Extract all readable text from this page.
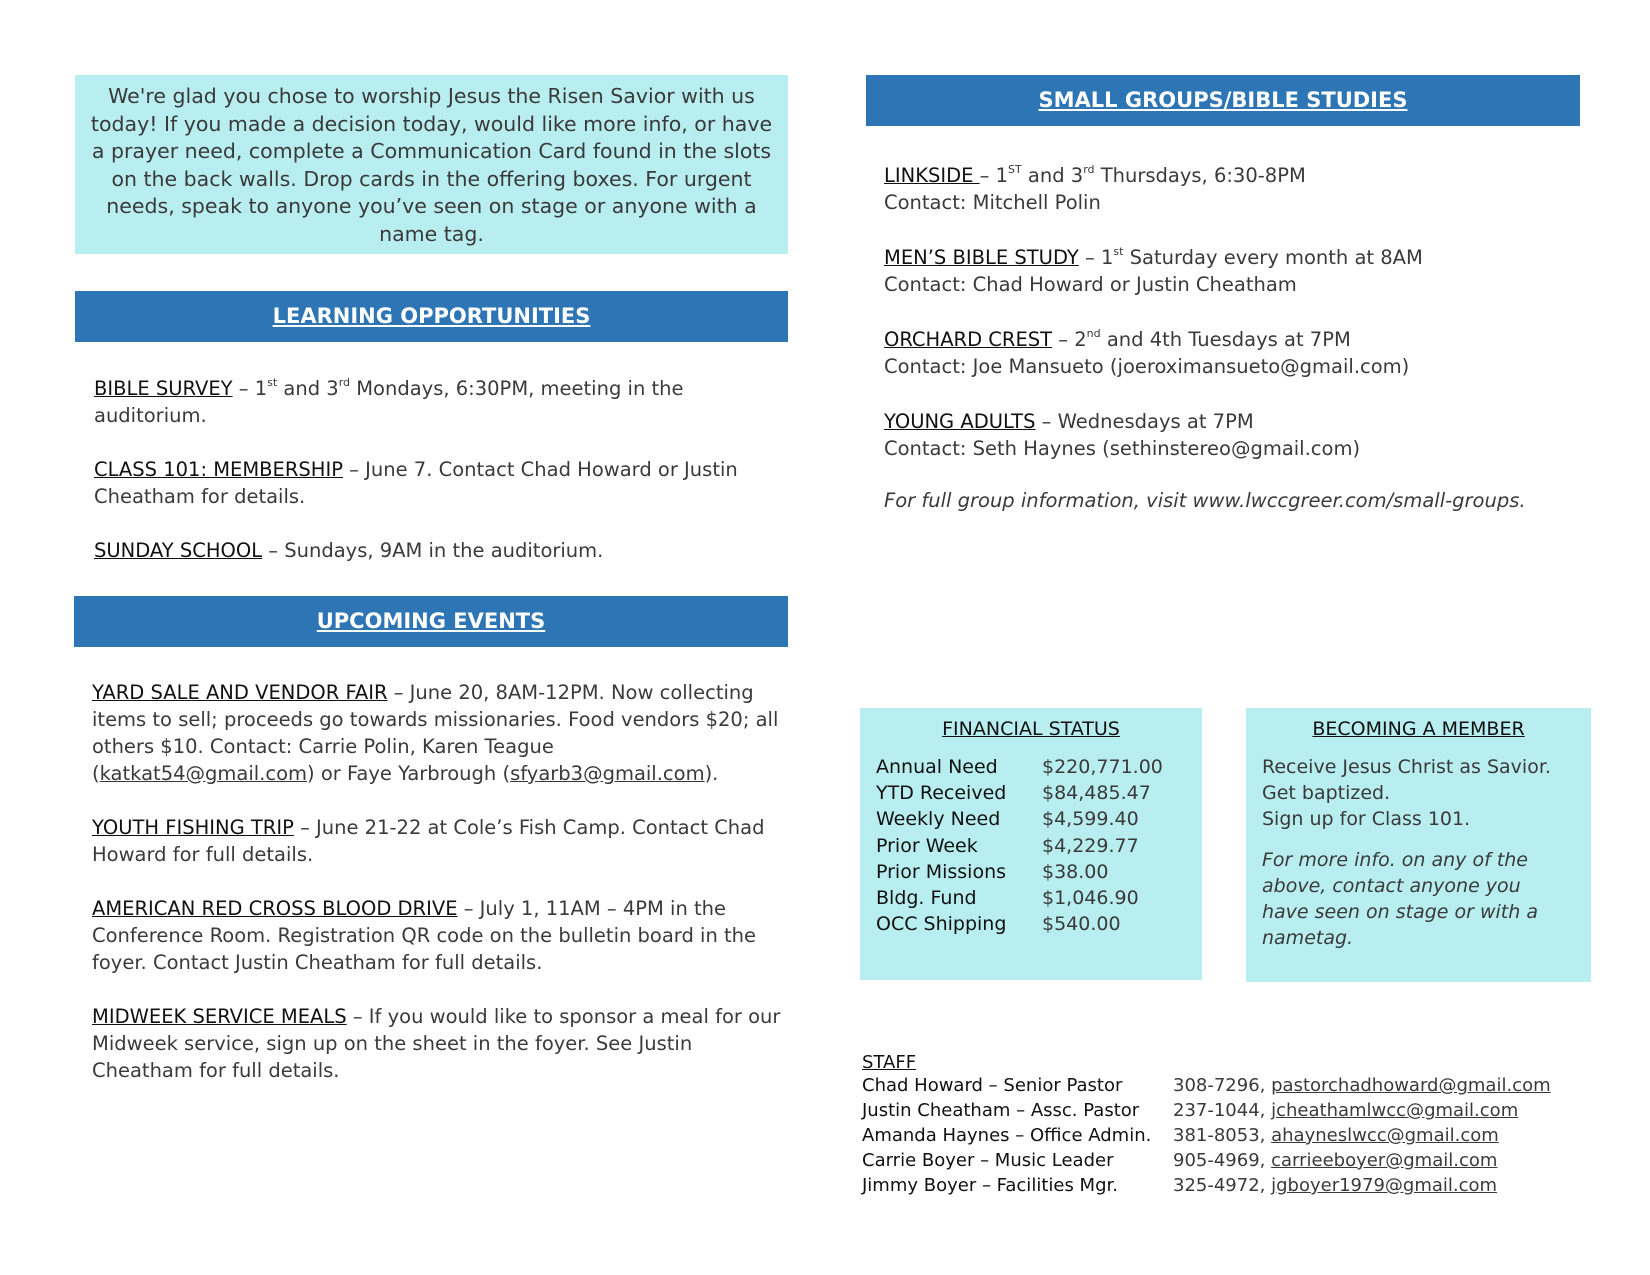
We're glad you chose to worship Jesus the Risen Savior with us today! If you made a decision today, would like more info, or have a prayer need, complete a Communication Card found in the slots on the back walls. Drop cards in the offering boxes. For urgent needs, speak to anyone you’ve seen on stage or anyone with a name tag.

LEARNING OPPORTUNITIES

BIBLE SURVEY – 1st and 3rd Mondays, 6:30PM, meeting in the auditorium.

CLASS 101: MEMBERSHIP – June 7. Contact Chad Howard or Justin Cheatham for details.

SUNDAY SCHOOL – Sundays, 9AM in the auditorium.

UPCOMING EVENTS

YARD SALE AND VENDOR FAIR – June 20, 8AM-12PM. Now collecting items to sell; proceeds go towards missionaries. Food vendors $20; all others $10. Contact: Carrie Polin, Karen Teague (katkat54@gmail.com) or Faye Yarbrough (sfyarb3@gmail.com).

YOUTH FISHING TRIP – June 21-22 at Cole’s Fish Camp. Contact Chad Howard for full details.

AMERICAN RED CROSS BLOOD DRIVE – July 1, 11AM – 4PM in the Conference Room. Registration QR code on the bulletin board in the foyer. Contact Justin Cheatham for full details.

MIDWEEK SERVICE MEALS – If you would like to sponsor a meal for our Midweek service, sign up on the sheet in the foyer. See Justin Cheatham for full details.

SMALL GROUPS/BIBLE STUDIES

LINKSIDE – 1ST and 3rd Thursdays, 6:30-8PM

Contact: Mitchell Polin

MEN’S BIBLE STUDY – 1st Saturday every month at 8AM

Contact: Chad Howard or Justin Cheatham

ORCHARD CREST – 2nd and 4th Tuesdays at 7PM

Contact: Joe Mansueto (joeroximansueto@gmail.com)

YOUNG ADULTS – Wednesdays at 7PM

Contact: Seth Haynes (sethinstereo@gmail.com)

For full group information, visit www.lwccgreer.com/small-groups.

FINANCIAL STATUS

Annual Need	$220,771.00
YTD Received	$84,485.47
Weekly Need	$4,599.40
Prior Week	$4,229.77
Prior Missions	$38.00
Bldg. Fund	$1,046.90
OCC Shipping	$540.00

BECOMING A MEMBER

Receive Jesus Christ as Savior.

Get baptized.

Sign up for Class 101.

For more info. on any of the above, contact anyone you have seen on stage or with a nametag.

STAFF

Chad Howard – Senior Pastor	308-7296, pastorchadhoward@gmail.com
Justin Cheatham – Assc. Pastor	237-1044, jcheathamlwcc@gmail.com
Amanda Haynes – Office Admin.	381-8053, ahayneslwcc@gmail.com
Carrie Boyer – Music Leader	905-4969, carrieeboyer@gmail.com
Jimmy Boyer – Facilities Mgr.	325-4972, jgboyer1979@gmail.com
